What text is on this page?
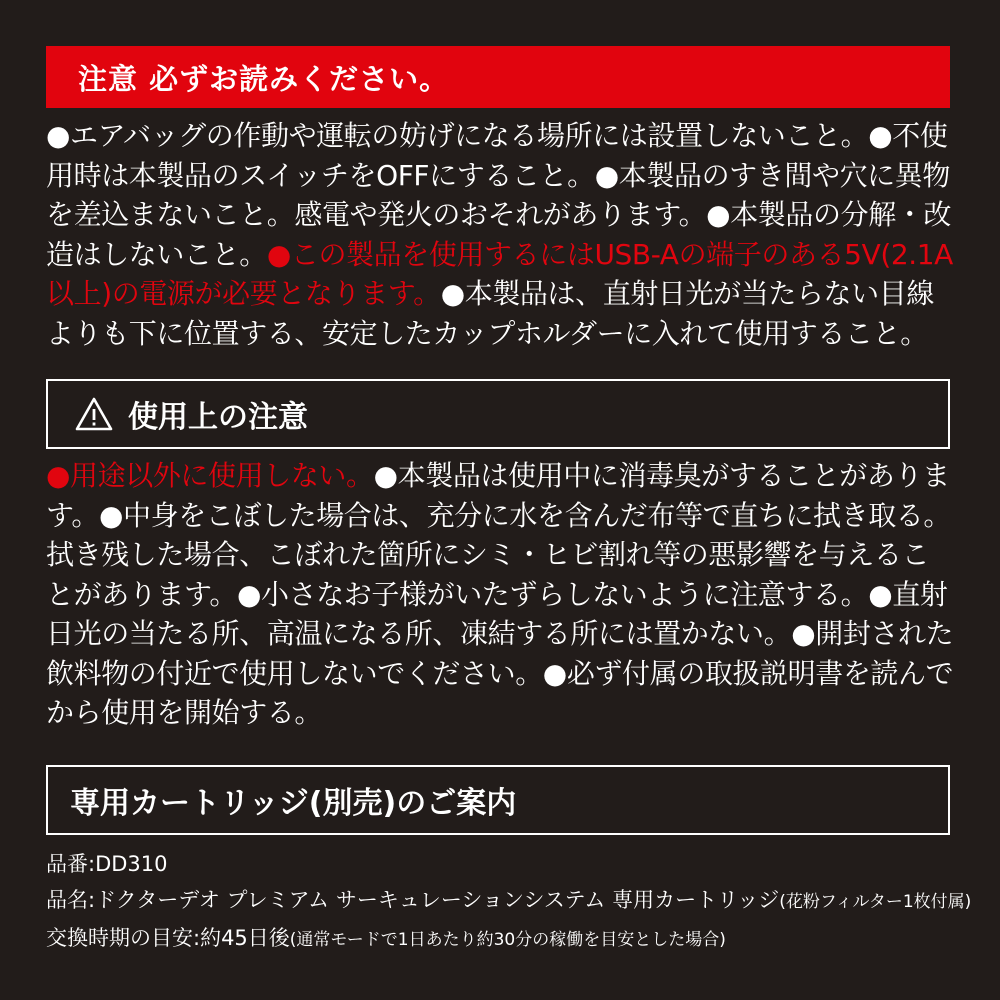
注意 必ずお読みください。

●エアバッグの作動や運転の妨げになる場所には設置しないこと。●不使用時は本製品のスイッチをOFFにすること。●本製品のすき間や穴に異物を差込まないこと。感電や発火のおそれがあります。●本製品の分解・改造はしないこと。●この製品を使用するにはUSB-Aの端子のある5V(2.1A以上)の電源が必要となります。●本製品は、直射日光が当たらない目線よりも下に位置する、安定したカップホルダーに入れて使用すること。

使用上の注意

●用途以外に使用しない。●本製品は使用中に消毒臭がすることがあります。●中身をこぼした場合は、充分に水を含んだ布等で直ちに拭き取る。拭き残した場合、こぼれた箇所にシミ・ヒビ割れ等の悪影響を与えることがあります。●小さなお子様がいたずらしないように注意する。●直射日光の当たる所、高温になる所、凍結する所には置かない。●開封された飲料物の付近で使用しないでください。●必ず付属の取扱説明書を読んでから使用を開始する。

専用カートリッジ(別売)のご案内
品番:DD310
品名:ドクターデオ プレミアム サーキュレーションシステム 専用カートリッジ(花粉フィルター1枚付属)
交換時期の目安:約45日後(通常モードで1日あたり約30分の稼働を目安とした場合)
